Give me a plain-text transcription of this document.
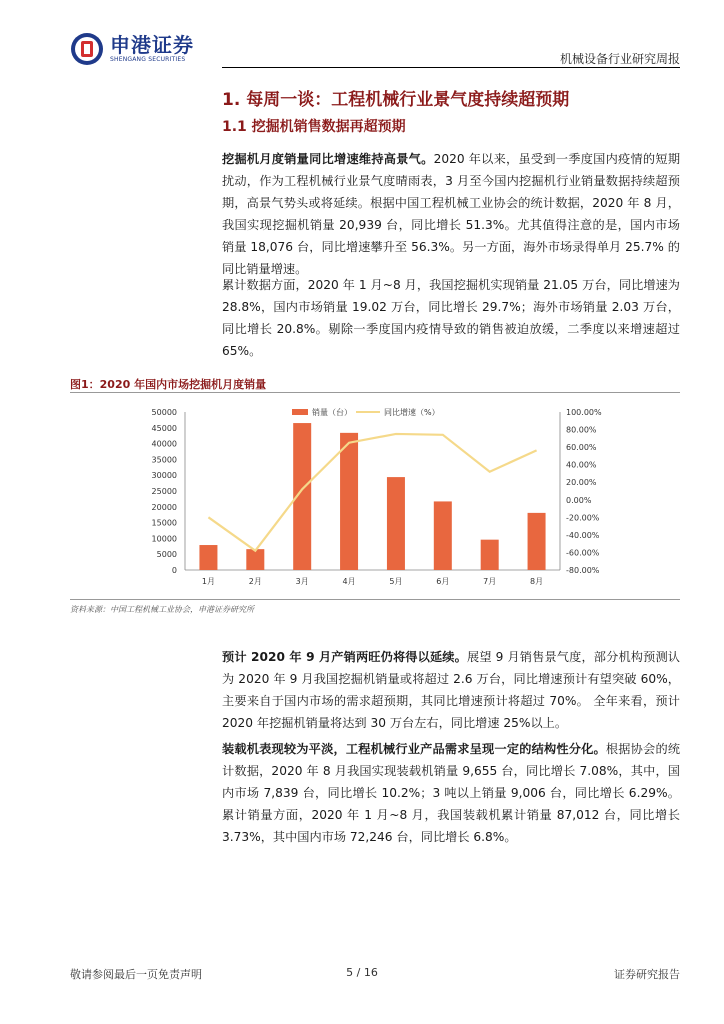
申港证券
SHENGANG SECURITIES	机械设备行业研究周报
1. 每周一谈：工程机械行业景气度持续超预期
1.1 挖掘机销售数据再超预期
挖掘机月度销量同比增速维持高景气。2020 年以来，虽受到一季度国内疫情的短期扰动，作为工程机械行业景气度晴雨表，3 月至今国内挖掘机行业销量数据持续超预期，高景气势头或将延续。根据中国工程机械工业协会的统计数据，2020 年 8 月，我国实现挖掘机销量 20,939 台，同比增长 51.3%。尤其值得注意的是，国内市场销量 18,076 台，同比增速攀升至 56.3%。另一方面，海外市场录得单月 25.7% 的同比销量增速。
累计数据方面，2020 年 1 月~8 月，我国挖掘机实现销量 21.05 万台，同比增速为 28.8%，国内市场销量 19.02 万台，同比增长 29.7%；海外市场销量 2.03 万台，同比增长 20.8%。剔除一季度国内疫情导致的销售被迫放缓，二季度以来增速超过 65%。
图1：2020 年国内市场挖掘机月度销量
0
5000
10000
15000
20000
25000
30000
35000
40000
45000
50000
-80.00%
-60.00%
-40.00%
-20.00%
0.00%
20.00%
40.00%
60.00%
80.00%
100.00%
1月	2月	3月	4月	5月	6月	7月	8月
销量（台）	同比增速（%）
资料来源：中国工程机械工业协会，申港证券研究所
预计 2020 年 9 月产销两旺仍将得以延续。展望 9 月销售景气度，部分机构预测认为 2020 年 9 月我国挖掘机销量或将超过 2.6 万台，同比增速预计有望突破 60%，主要来自于国内市场的需求超预期，其同比增速预计将超过 70%。 全年来看，预计 2020 年挖掘机销量将达到 30 万台左右，同比增速 25%以上。
装载机表现较为平淡，工程机械行业产品需求呈现一定的结构性分化。根据协会的统计数据，2020 年 8 月我国实现装载机销量 9,655 台，同比增长 7.08%，其中，国内市场 7,839 台，同比增长 10.2%；3 吨以上销量 9,006 台，同比增长 6.29%。累计销量方面，2020 年 1 月~8 月，我国装载机累计销量 87,012 台，同比增长 3.73%，其中国内市场 72,246 台，同比增长 6.8%。
5 / 16
敬请参阅最后一页免责声明	证券研究报告
